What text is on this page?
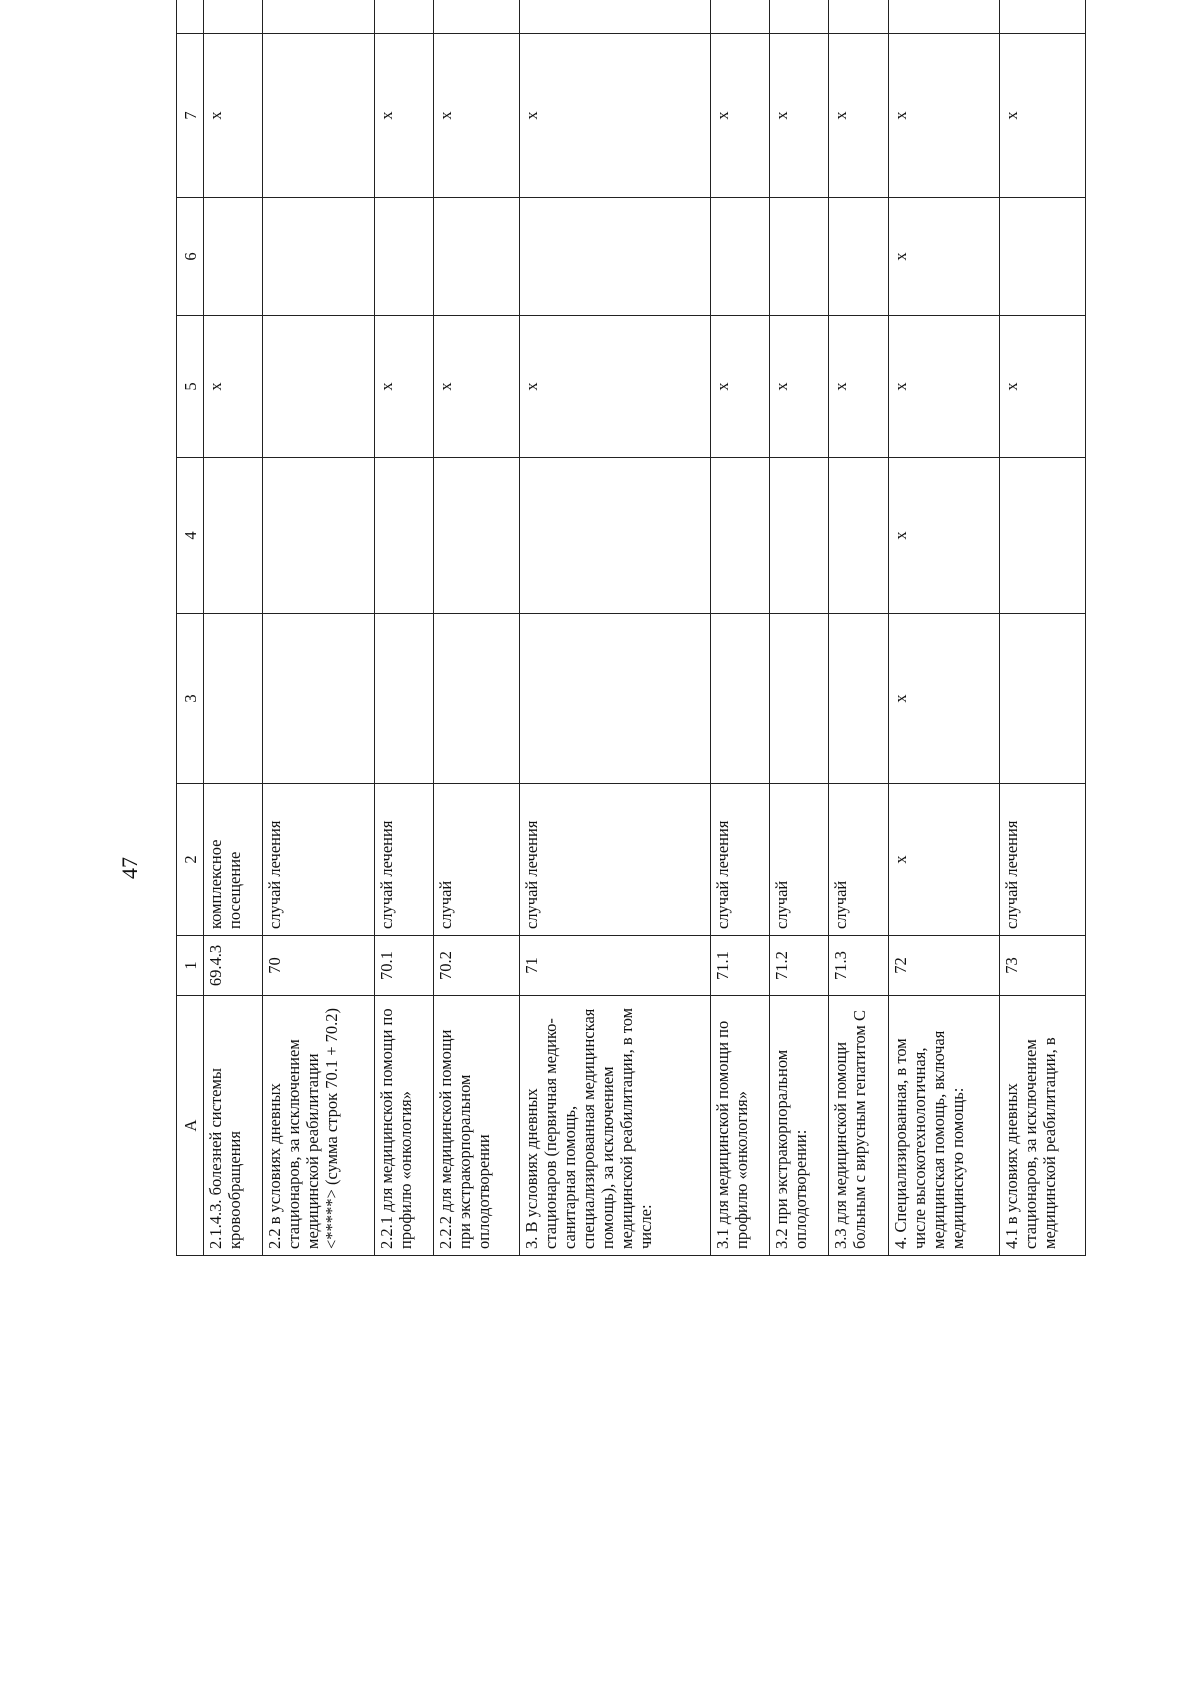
47
A	1	2	3	4	5	6	7		
2.1.4.3. болезней системы кровообращения	69.4.3	комплексное посещение			х		х		
2.2 в условиях дневных стационаров, за исключением медицинской реабилитации <*****> (сумма строк 70.1 + 70.2)	70	случай лечения							
2.2.1 для медицинской помощи по профилю «онкология»	70.1	случай лечения			х		х		
2.2.2 для медицинской помощи при экстракорпоральном оплодотворении	70.2	случай			х		х		
3. В условиях дневных стационаров (первичная медико-санитарная помощь, специализированная медицинская помощь), за исключением медицинской реабилитации, в том числе:	71	случай лечения			х		х		
3.1 для медицинской помощи по профилю «онкология»	71.1	случай лечения			х		х		
3.2 при экстракорпоральном оплодотворении:	71.2	случай			х		х		
3.3 для медицинской помощи больным с вирусным гепатитом С	71.3	случай			х		х		
4. Специализированная, в том числе высокотехнологичная, медицинская помощь, включая медицинскую помощь:	72	х	х	х	х	х	х		
4.1 в условиях дневных стационаров, за исключением медицинской реабилитации, в	73	случай лечения			х		х		
